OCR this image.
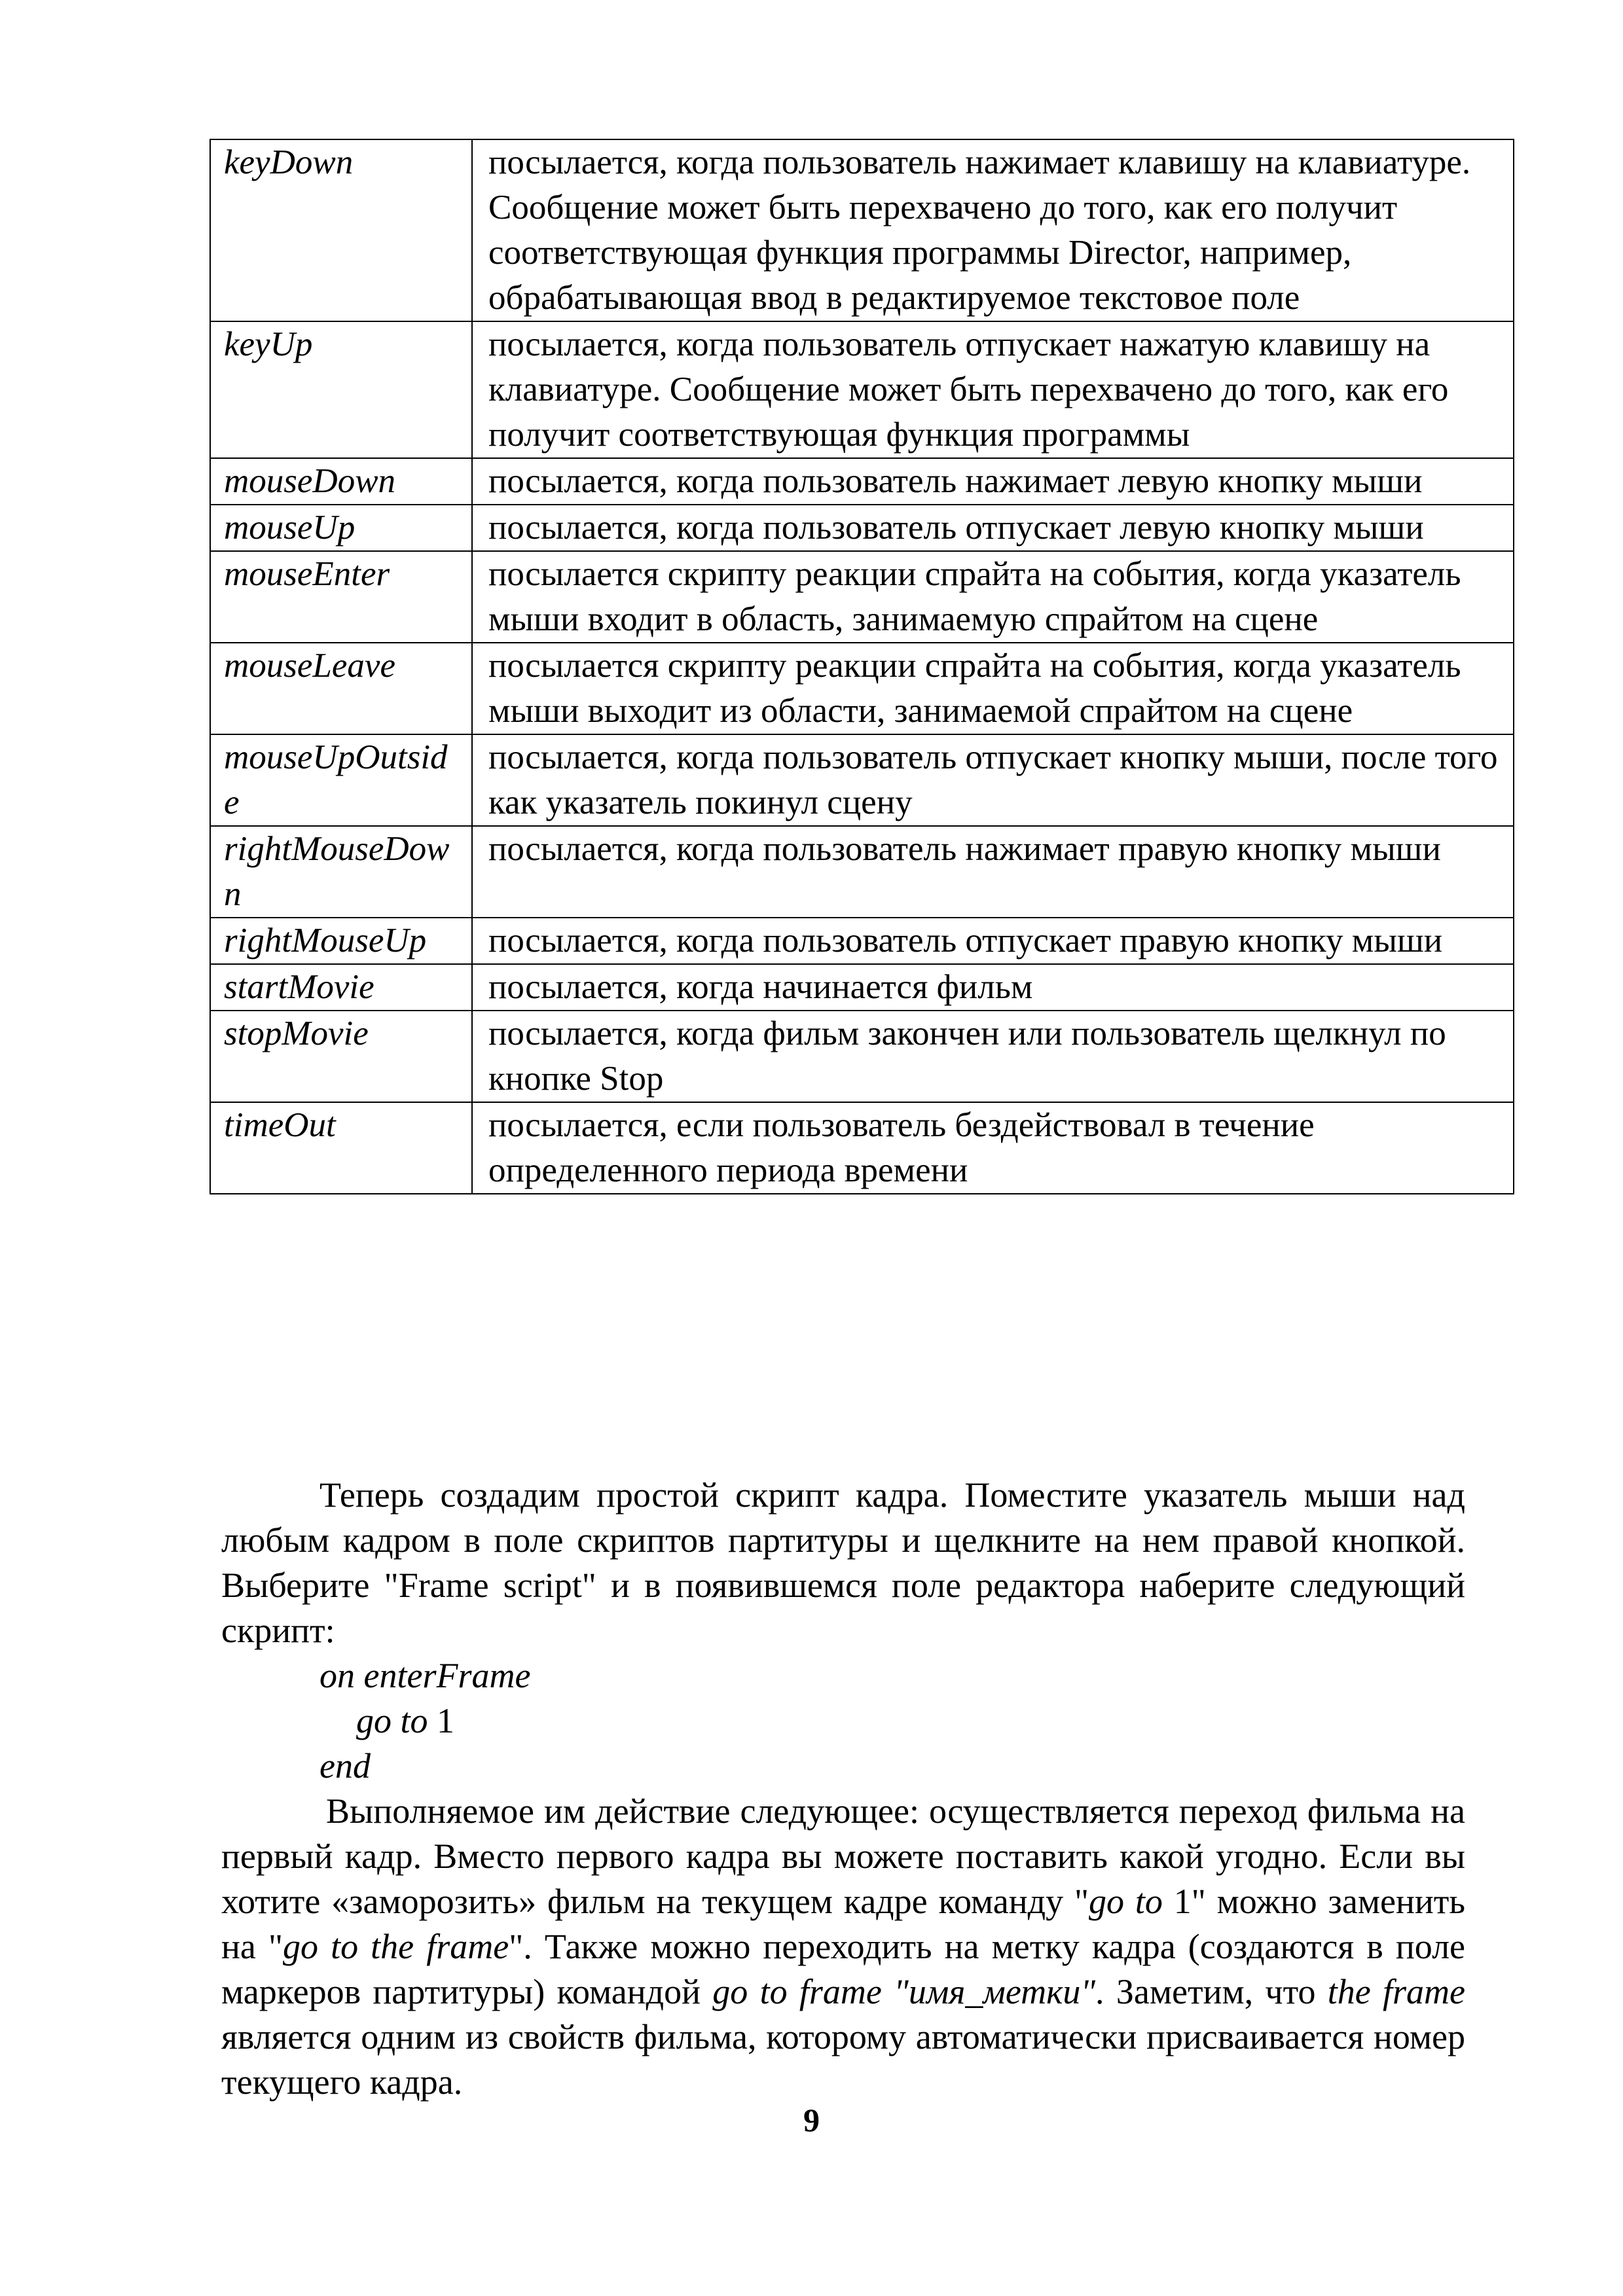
keyDown	посылается, когда пользователь нажимает клавишу на клавиатуре. Сообщение может быть перехвачено до того, как его получит соответствующая функция программы Director, например, обрабатывающая ввод в редактируемое текстовое поле
keyUp	посылается, когда пользователь отпускает нажатую клавишу на клавиатуре. Сообщение может быть перехвачено до того, как его получит соответствующая функция программы
mouseDown	посылается, когда пользователь нажимает левую кнопку мыши
mouseUp	посылается, когда пользователь отпускает левую кнопку мыши
mouseEnter	посылается скрипту реакции спрайта на события, когда указатель мыши входит в область, занимаемую спрайтом на сцене
mouseLeave	посылается скрипту реакции спрайта на события, когда указатель мыши выходит из области, занимаемой спрайтом на сцене
mouseUpOutside	посылается, когда пользователь отпускает кнопку мыши, после того как указатель покинул сцену
rightMouseDown	посылается, когда пользователь нажимает правую кнопку мыши
rightMouseUp	посылается, когда пользователь отпускает правую кнопку мыши
startMovie	посылается, когда начинается фильм
stopMovie	посылается, когда фильм закончен или пользователь щелкнул по кнопке Stop
timeOut	посылается, если пользователь бездействовал в течение определенного периода времени
Теперь создадим простой скрипт кадра. Поместите указатель мыши над любым кадром в поле скриптов партитуры и щелкните на нем правой кнопкой. Выберите "Frame script" и в появившемся поле редактора наберите следующий скрипт:
on enterFrame
go to 1
end
Выполняемое им действие следующее: осуществляется переход фильма на первый кадр. Вместо первого кадра вы можете поставить какой угодно. Если вы хотите «заморозить» фильм на текущем кадре команду "go to 1" можно заменить на "go to the frame". Также можно переходить на метку кадра (создаются в поле маркеров партитуры) командой go to frame "имя_метки". Заметим, что the frame является одним из свойств фильма, которому автоматически присваивается номер текущего кадра.
9
